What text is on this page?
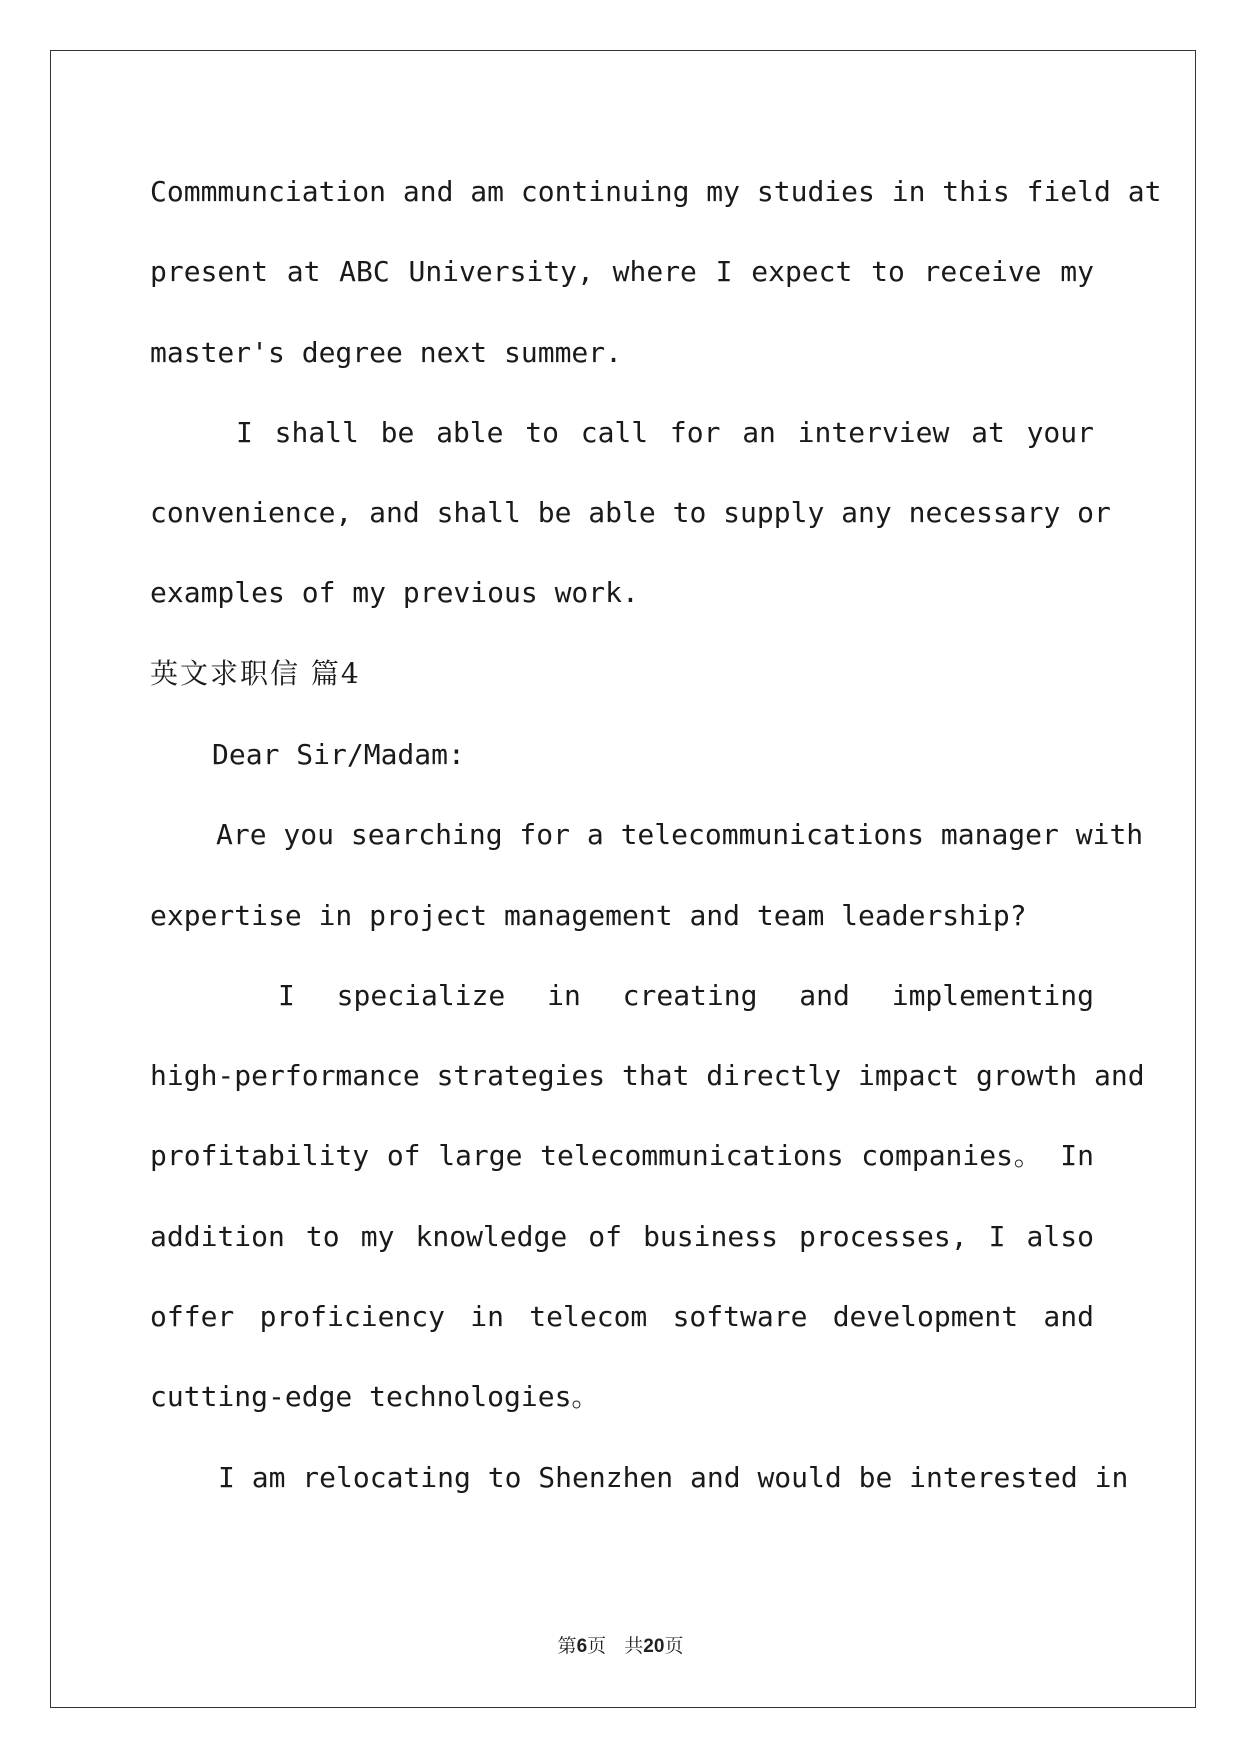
Commmunciation and am continuing my studies in this field at
present at ABC University, where I expect to receive my
master's degree next summer.
I shall be able to call for an interview at your
convenience, and shall be able to supply any necessary or
examples of my previous work.
英文求职信 篇4
Dear Sir/Madam:
Are you searching for a telecommunications manager with
expertise in project management and team leadership?
I specialize in creating and implementing
high-performance strategies that directly impact growth and
profitability of large telecommunications companies。 In
addition to my knowledge of business processes, I also
offer proficiency in telecom software development and
cutting-edge technologies。
I am relocating to Shenzhen and would be interested in
第6页 共20页
